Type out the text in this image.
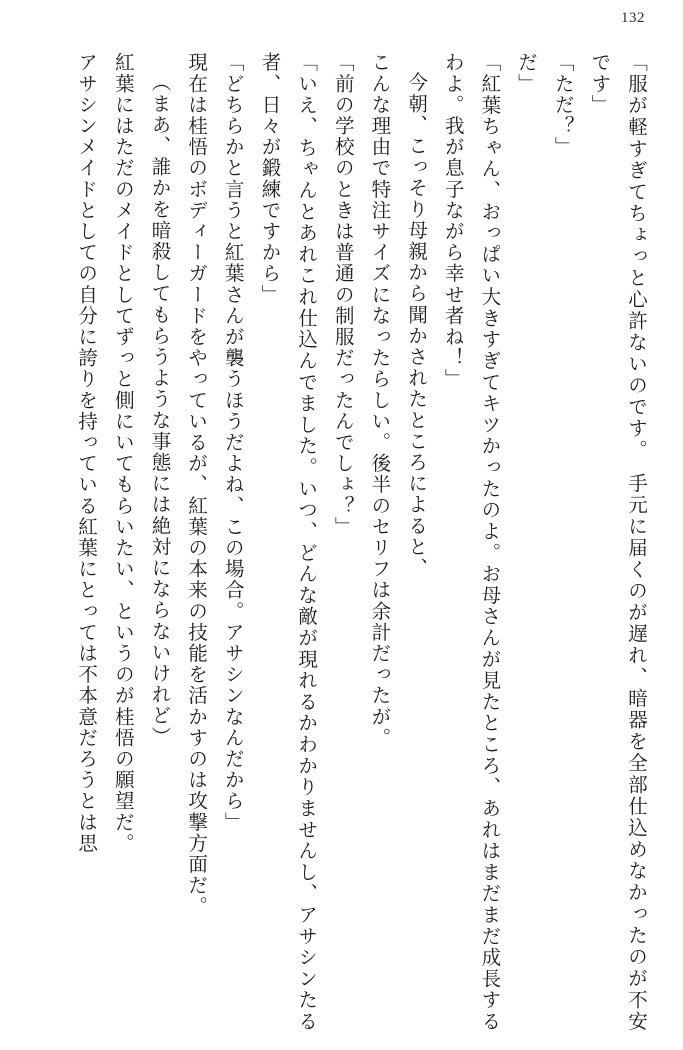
132

「服が軽すぎてちょっと心許ないのです。　手元に届くのが遅れ、暗器を全部仕込めなかったのが不安です」

「ただ？」

だ」

「紅葉ちゃん、おっぱい大きすぎてキツかったのよ。お母さんが見たところ、あれはまだまだ成長するわよ。我が息子ながら幸せ者ね！」

今朝、こっそり母親から聞かされたところによると、

こんな理由で特注サイズになったらしい。後半のセリフは余計だったが。

「前の学校のときは普通の制服だったんでしょ？」

「いえ、ちゃんとあれこれ仕込んでました。いつ、どんな敵が現れるかわかりませんし、アサシンたる者、日々が鍛練ですから」

「どちらかと言うと紅葉さんが襲うほうだよね、この場合。アサシンなんだから」

現在は桂悟のボディーガードをやっているが、紅葉の本来の技能を活かすのは攻撃方面だ。

（まあ、誰かを暗殺してもらうような事態には絶対にならないけれど）

紅葉にはただのメイドとしてずっと側にいてもらいたい、というのが桂悟の願望だ。

アサシンメイドとしての自分に誇りを持っている紅葉にとっては不本意だろうとは思
